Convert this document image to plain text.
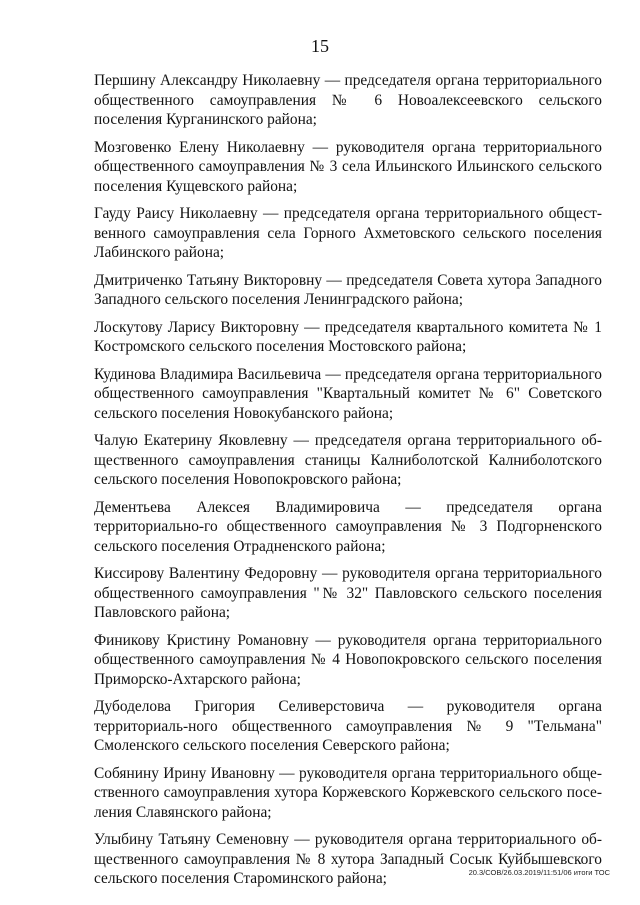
15

Першину Александру Николаевну — председателя органа территориального общественного самоуправления № 6 Новоалексеевского сельского поселения Курганинского района;

Мозговенко Елену Николаевну — руководителя органа территориального общественного самоуправления № 3 села Ильинского Ильинского сельского поселения Кущевского района;

Гауду Раису Николаевну — председателя органа территориального общест-венного самоуправления села Горного Ахметовского сельского поселения Лабинского района;

Дмитриченко Татьяну Викторовну — председателя Совета хутора Западного Западного сельского поселения Ленинградского района;

Лоскутову Ларису Викторовну — председателя квартального комитета № 1 Костромского сельского поселения Мостовского района;

Кудинова Владимира Васильевича — председателя органа территориального общественного самоуправления "Квартальный комитет № 6" Советского сельского поселения Новокубанского района;

Чалую Екатерину Яковлевну — председателя органа территориального об-щественного самоуправления станицы Калниболотской Калниболотского сельского поселения Новопокровского района;

Дементьева Алексея Владимировича — председателя органа территориально-го общественного самоуправления № 3 Подгорненского сельского поселения Отрадненского района;

Киссирову Валентину Федоровну — руководителя органа территориального общественного самоуправления "№ 32" Павловского сельского поселения Павловского района;

Финикову Кристину Романовну — руководителя органа территориального общественного самоуправления № 4 Новопокровского сельского поселения Приморско-Ахтарского района;

Дубоделова Григория Селиверстовича — руководителя органа территориаль-ного общественного самоуправления № 9 "Тельмана" Смоленского сельского поселения Северского района;

Собянину Ирину Ивановну — руководителя органа территориального обще-ственного самоуправления хутора Коржевского Коржевского сельского посе-ления Славянского района;

Улыбину Татьяну Семеновну — руководителя органа территориального об-щественного самоуправления № 8 хутора Западный Сосык Куйбышевского сельского поселения Староминского района;	20.3/СОВ/26.03.2019/11:51/06 итоги ТОС
